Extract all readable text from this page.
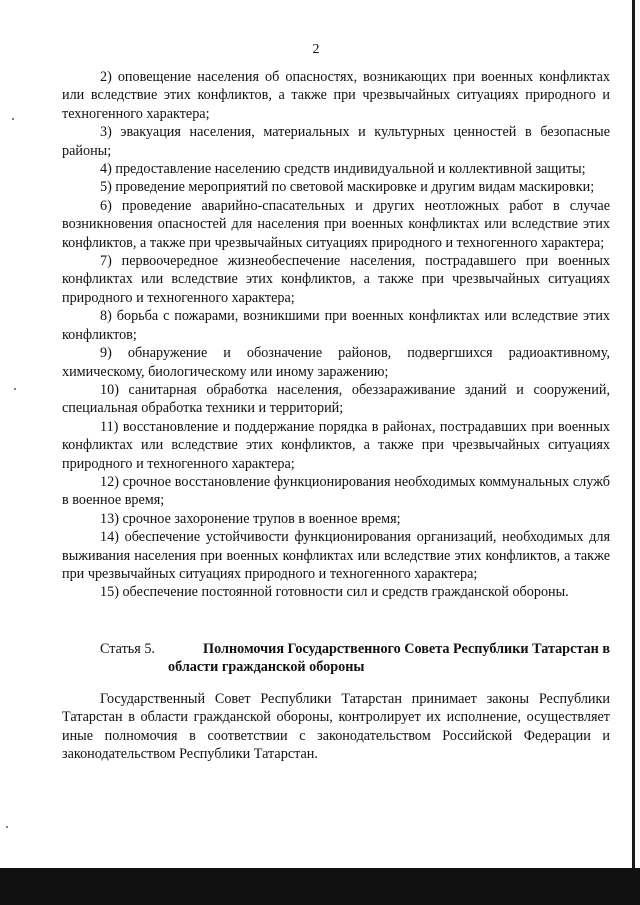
2

2) оповещение населения об опасностях, возникающих при военных конфликтах или вследствие этих конфликтов, а также при чрезвычайных ситуациях природного и техногенного характера;

3) эвакуация населения, материальных и культурных ценностей в безопасные районы;

4) предоставление населению средств индивидуальной и коллективной защиты;

5) проведение мероприятий по световой маскировке и другим видам маскировки;

6) проведение аварийно-спасательных и других неотложных работ в случае возникновения опасностей для населения при военных конфликтах или вследствие этих конфликтов, а также при чрезвычайных ситуациях природного и техногенного характера;

7) первоочередное жизнеобеспечение населения, пострадавшего при военных конфликтах или вследствие этих конфликтов, а также при чрезвычайных ситуациях природного и техногенного характера;

8) борьба с пожарами, возникшими при военных конфликтах или вследствие этих конфликтов;

9) обнаружение и обозначение районов, подвергшихся радиоактивному, химическому, биологическому или иному заражению;

10) санитарная обработка населения, обеззараживание зданий и сооружений, специальная обработка техники и территорий;

11) восстановление и поддержание порядка в районах, пострадавших при военных конфликтах или вследствие этих конфликтов, а также при чрезвычайных ситуациях природного и техногенного характера;

12) срочное восстановление функционирования необходимых коммунальных служб в военное время;

13) срочное захоронение трупов в военное время;

14) обеспечение устойчивости функционирования организаций, необходимых для выживания населения при военных конфликтах или вследствие этих конфликтов, а также при чрезвычайных ситуациях природного и техногенного характера;

15) обеспечение постоянной готовности сил и средств гражданской обороны.

Статья 5.	Полномочия Государственного Совета Республики Татарстан в
области гражданской обороны

Государственный Совет Республики Татарстан принимает законы Республики Татарстан в области гражданской обороны, контролирует их исполнение, осуществляет иные полномочия в соответствии с законодательством Российской Федерации и законодательством Республики Татарстан.
